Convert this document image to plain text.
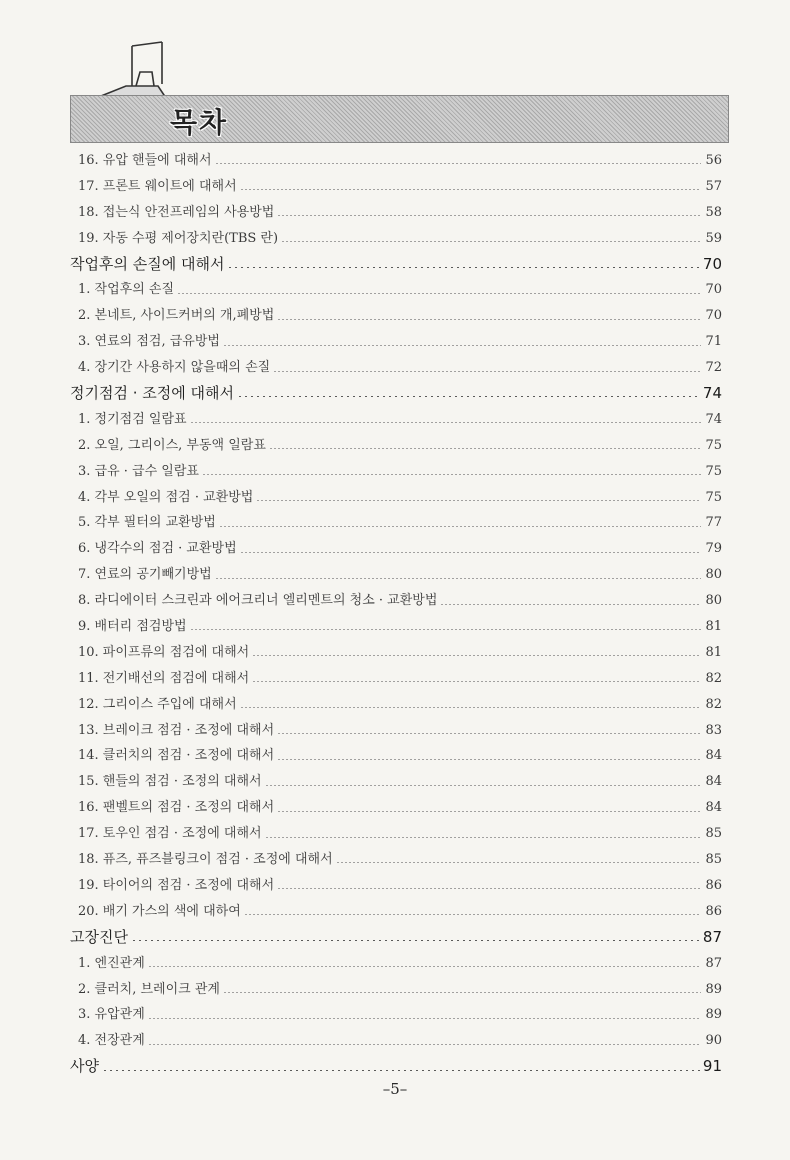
목차
16. 유압 핸들에 대해서	56
17. 프론트 웨이트에 대해서	57
18. 접는식 안전프레임의 사용방법	58
19. 자동 수평 제어장치란(TBS 란)	59
작업후의 손질에 대해서	70
1. 작업후의 손질	70
2. 본네트, 사이드커버의 개,폐방법	70
3. 연료의 점검, 급유방법	71
4. 장기간 사용하지 않을때의 손질	72
정기점검 · 조정에 대해서	74
1. 정기점검 일람표	74
2. 오일, 그리이스, 부동액 일람표	75
3. 급유 · 급수 일람표	75
4. 각부 오일의 점검 · 교환방법	75
5. 각부 필터의 교환방법	77
6. 냉각수의 점검 · 교환방법	79
7. 연료의 공기빼기방법	80
8. 라디에이터 스크린과 에어크리너 엘리멘트의 청소 · 교환방법	80
9. 배터리 점검방법	81
10. 파이프류의 점검에 대해서	81
11. 전기배선의 점검에 대해서	82
12. 그리이스 주입에 대해서	82
13. 브레이크 점검 · 조정에 대해서	83
14. 클러치의 점검 · 조정에 대해서	84
15. 핸들의 점검 · 조정의 대해서	84
16. 팬벨트의 점검 · 조정의 대해서	84
17. 토우인 점검 · 조정에 대해서	85
18. 퓨즈, 퓨즈블링크이 점검 · 조정에 대해서	85
19. 타이어의 점검 · 조정에 대해서	86
20. 배기 가스의 색에 대하여	86
고장진단	87
1. 엔진관계	87
2. 클러치, 브레이크 관계	89
3. 유압관계	89
4. 전장관계	90
사양	91
–5–
